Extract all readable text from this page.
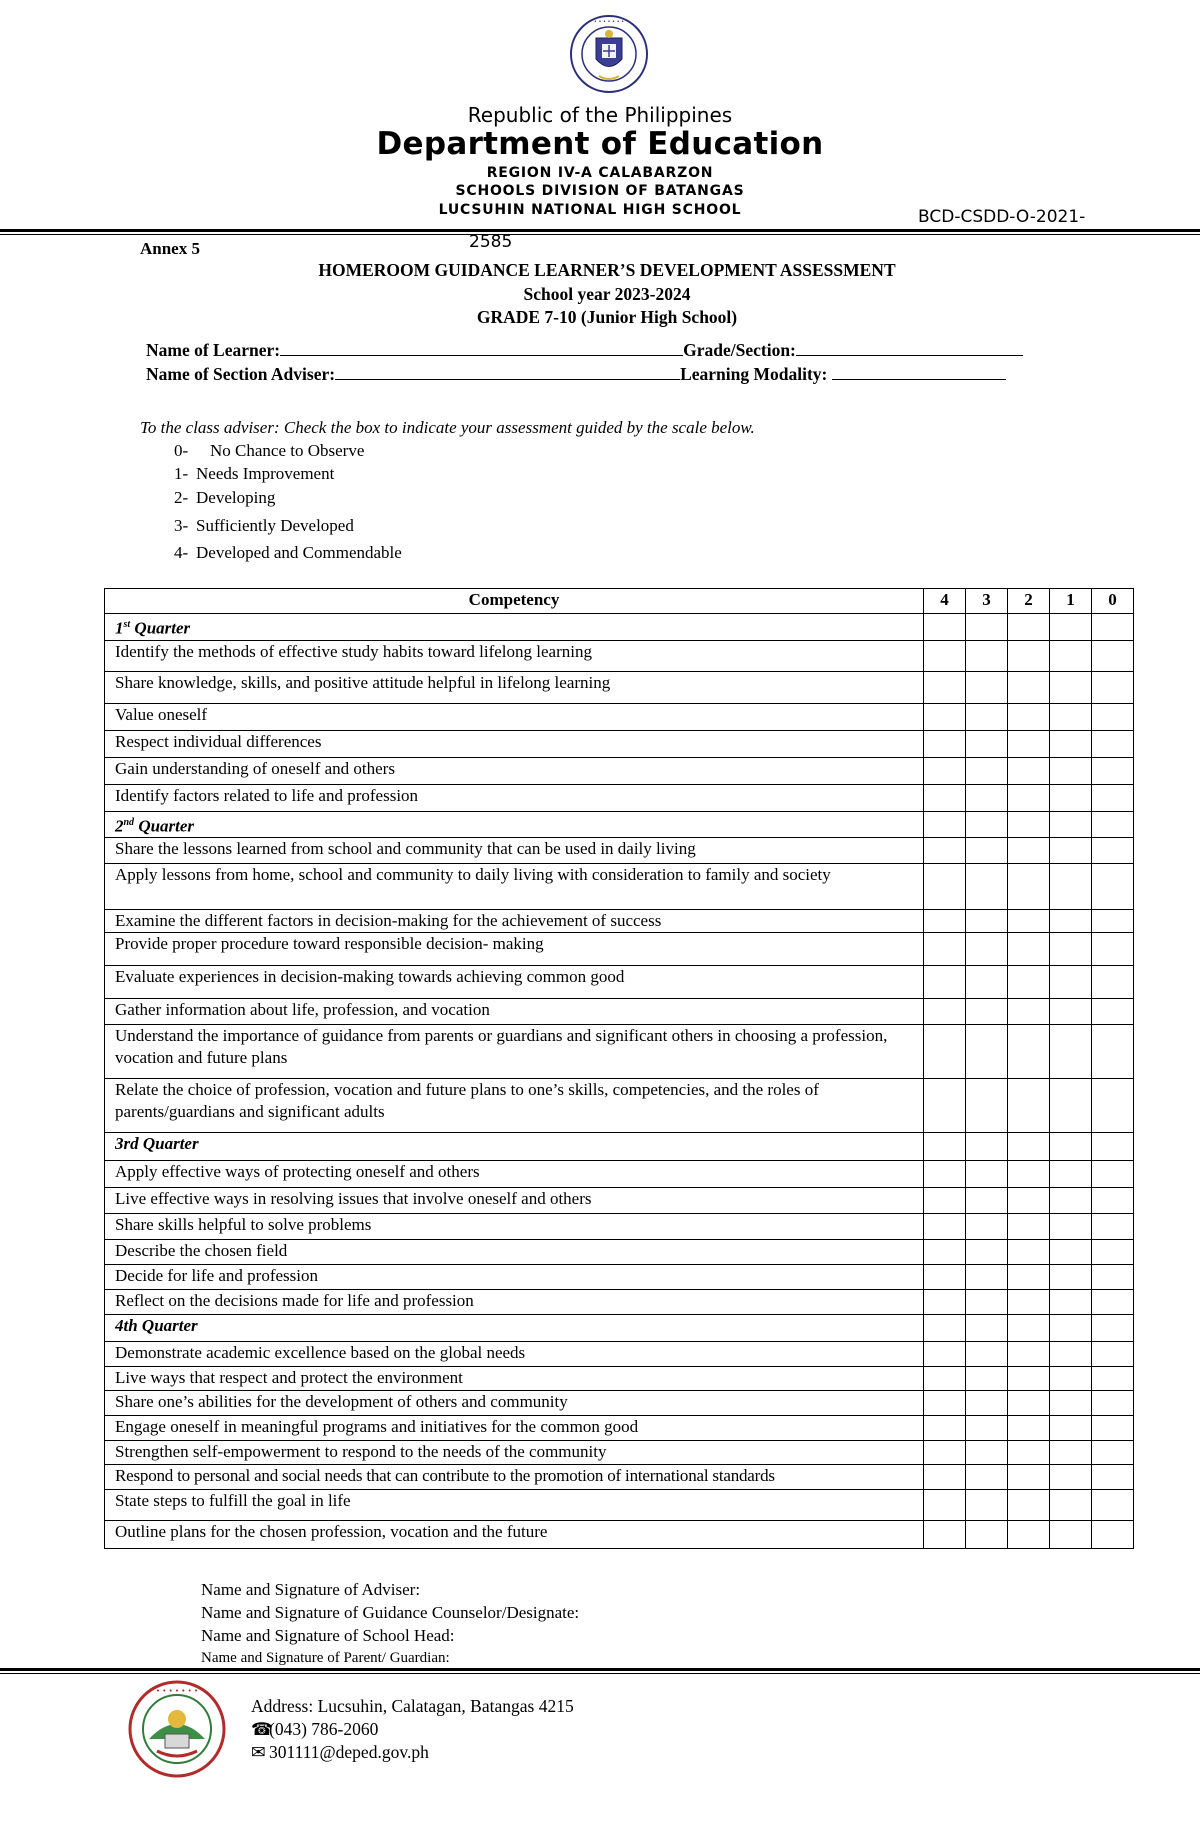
• • • • • • •
Republic of the Philippines
Department of Education
REGION IV-A CALABARZON
SCHOOLS DIVISION OF BATANGAS
LUCSUHIN NATIONAL HIGH SCHOOL	BCD-CSDD-O-2021-
2585
Annex 5
HOMEROOM GUIDANCE LEARNER’S DEVELOPMENT ASSESSMENT
School year 2023-2024
GRADE 7-10 (Junior High School)
Name of Learner:	Grade/Section:
Name of Section Adviser:	Learning Modality:
To the class adviser: Check the box to indicate your assessment guided by the scale below.
0- No Chance to Observe
1- Needs Improvement
2- Developing
3- Sufficiently Developed
4- Developed and Commendable
Competency	4	3	2	1	0
1st Quarter					
Identify the methods of effective study habits toward lifelong learning					
Share knowledge, skills, and positive attitude helpful in lifelong learning					
Value oneself					
Respect individual differences					
Gain understanding of oneself and others					
Identify factors related to life and profession					
2nd Quarter					
Share the lessons learned from school and community that can be used in daily living					
Apply lessons from home, school and community to daily living with consideration to family and society					
Examine the different factors in decision-making for the achievement of success					
Provide proper procedure toward responsible decision- making					
Evaluate experiences in decision-making towards achieving common good					
Gather information about life, profession, and vocation					
Understand the importance of guidance from parents or guardians and significant others in choosing a profession, vocation and future plans					
Relate the choice of profession, vocation and future plans to one’s skills, competencies, and the roles of parents/guardians and significant adults					
3rd Quarter					
Apply effective ways of protecting oneself and others					
Live effective ways in resolving issues that involve oneself and others					
Share skills helpful to solve problems					
Describe the chosen field					
Decide for life and profession					
Reflect on the decisions made for life and profession					
4th Quarter					
Demonstrate academic excellence based on the global needs					
Live ways that respect and protect the environment					
Share one’s abilities for the development of others and community					
Engage oneself in meaningful programs and initiatives for the common good					
Strengthen self-empowerment to respond to the needs of the community					
Respond to personal and social needs that can contribute to the promotion of international standards					
State steps to fulfill the goal in life					
Outline plans for the chosen profession, vocation and the future					
Name and Signature of Adviser:
Name and Signature of Guidance Counselor/Designate:
Name and Signature of School Head:
Name and Signature of Parent/ Guardian:
• • • • • • •
Address: Lucsuhin, Calatagan, Batangas 4215
☎(043) 786-2060
✉ 301111@deped.gov.ph
